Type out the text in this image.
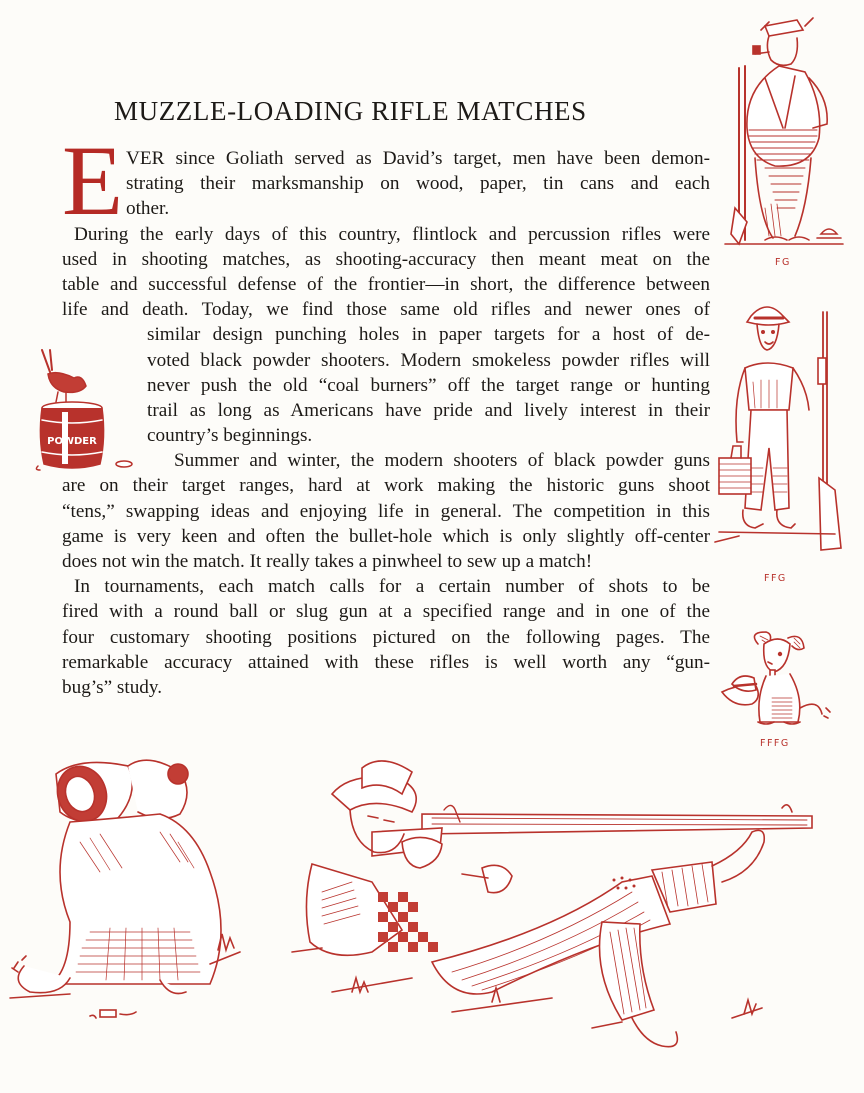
MUZZLE-LOADING RIFLE MATCHES
E VER since Goliath served as David’s target, men have been demon-
strating their marksmanship on wood, paper, tin cans and each
other.
During the early days of this country, flintlock and percussion rifles were
used in shooting matches, as shooting-accuracy then meant meat on the
table and successful defense of the frontier—in short, the difference between
life and death. Today, we find those same old rifles and newer ones of
similar design punching holes in paper targets for a host of de-
voted black powder shooters. Modern smokeless powder rifles will
never push the old “coal burners” off the target range or hunting
trail as long as Americans have pride and lively interest in their
country’s beginnings.
Summer and winter, the modern shooters of black powder guns
are on their target ranges, hard at work making the historic guns shoot
“tens,” swapping ideas and enjoying life in general. The competition in this
game is very keen and often the bullet-hole which is only slightly off-center
does not win the match. It really takes a pinwheel to sew up a match!
In tournaments, each match calls for a certain number of shots to be
fired with a round ball or slug gun at a specified range and in one of the
four customary shooting positions pictured on the following pages. The
remarkable accuracy attained with these rifles is well worth any “gun-
bug’s” study.
FG
FFG
FFFG
POWDER
